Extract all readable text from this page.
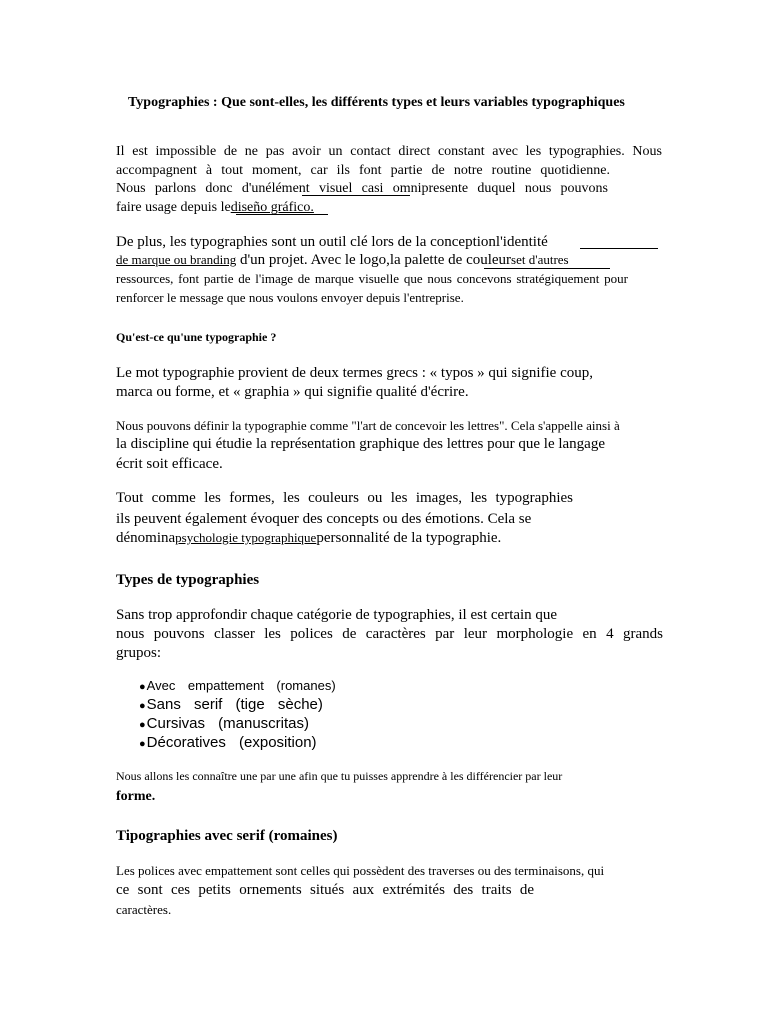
Typographies : Que sont-elles, les différents types et leurs variables typographiques

Il est impossible de ne pas avoir un contact direct constant avec les typographies. Nous

accompagnent à tout moment, car ils font partie de notre routine quotidienne.

Nous parlons donc d'unélément visuel casi omnipresente duquel nous pouvons

faire usage depuis lediseño gráfico.

De plus, les typographies sont un outil clé lors de la conceptionl'identité

de marque ou branding d'un projet. Avec le logo,la palette de couleurset d'autres

ressources, font partie de l'image de marque visuelle que nous concevons stratégiquement pour

renforcer le message que nous voulons envoyer depuis l'entreprise.

Qu'est-ce qu'une typographie ?

Le mot typographie provient de deux termes grecs : « typos » qui signifie coup,

marca ou forme, et « graphia » qui signifie qualité d'écrire.

Nous pouvons définir la typographie comme "l'art de concevoir les lettres". Cela s'appelle ainsi à

la discipline qui étudie la représentation graphique des lettres pour que le langage

écrit soit efficace.

Tout comme les formes, les couleurs ou les images, les typographies

ils peuvent également évoquer des concepts ou des émotions. Cela se

dénominapsychologie typographiquepersonnalité de la typographie.

Types de typographies

Sans trop approfondir chaque catégorie de typographies, il est certain que

nous pouvons classer les polices de caractères par leur morphologie en 4 grands

grupos:

●Avec empattement (romanes)
●Sans serif (tige sèche)
●Cursivas (manuscritas)
●Décoratives (exposition)

Nous allons les connaître une par une afin que tu puisses apprendre à les différencier par leur

forme.

Tipographies avec serif (romaines)

Les polices avec empattement sont celles qui possèdent des traverses ou des terminaisons, qui

ce sont ces petits ornements situés aux extrémités des traits de

caractères.
